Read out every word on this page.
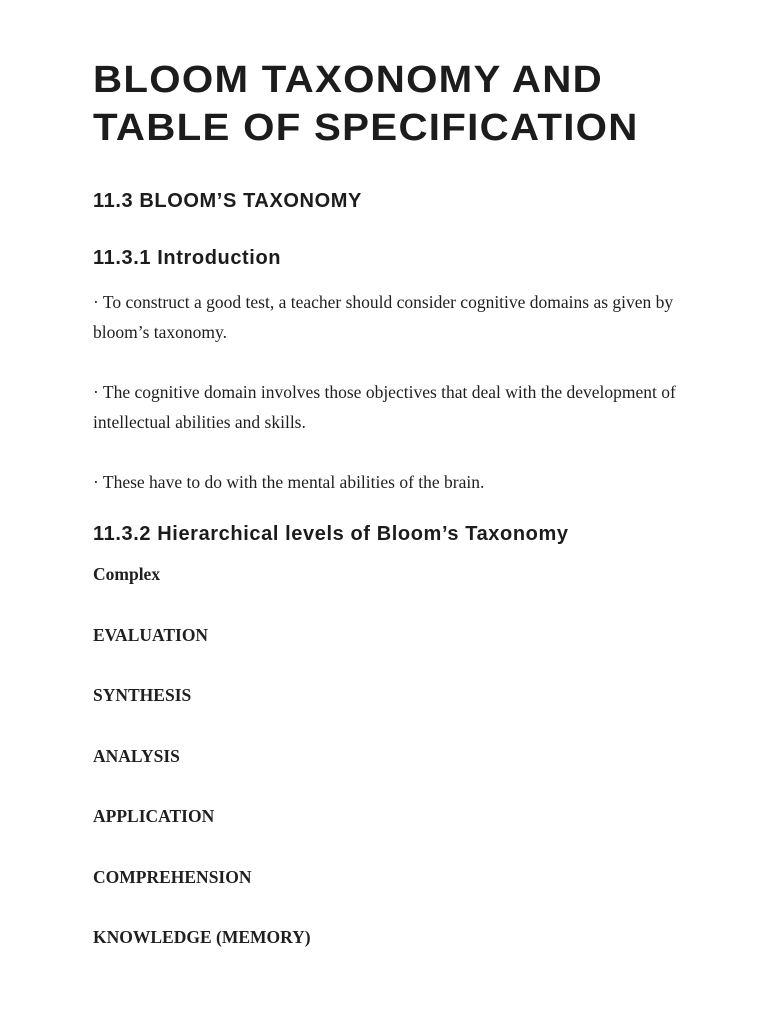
BLOOM TAXONOMY AND
TABLE OF SPECIFICATION
11.3 BLOOM’S TAXONOMY
11.3.1 Introduction

· To construct a good test, a teacher should consider cognitive domains as given by bloom’s taxonomy.

· The cognitive domain involves those objectives that deal with the development of intellectual abilities and skills.

· These have to do with the mental abilities of the brain.

11.3.2 Hierarchical levels of Bloom’s Taxonomy
Complex
EVALUATION
SYNTHESIS
ANALYSIS
APPLICATION
COMPREHENSION
KNOWLEDGE (MEMORY)
